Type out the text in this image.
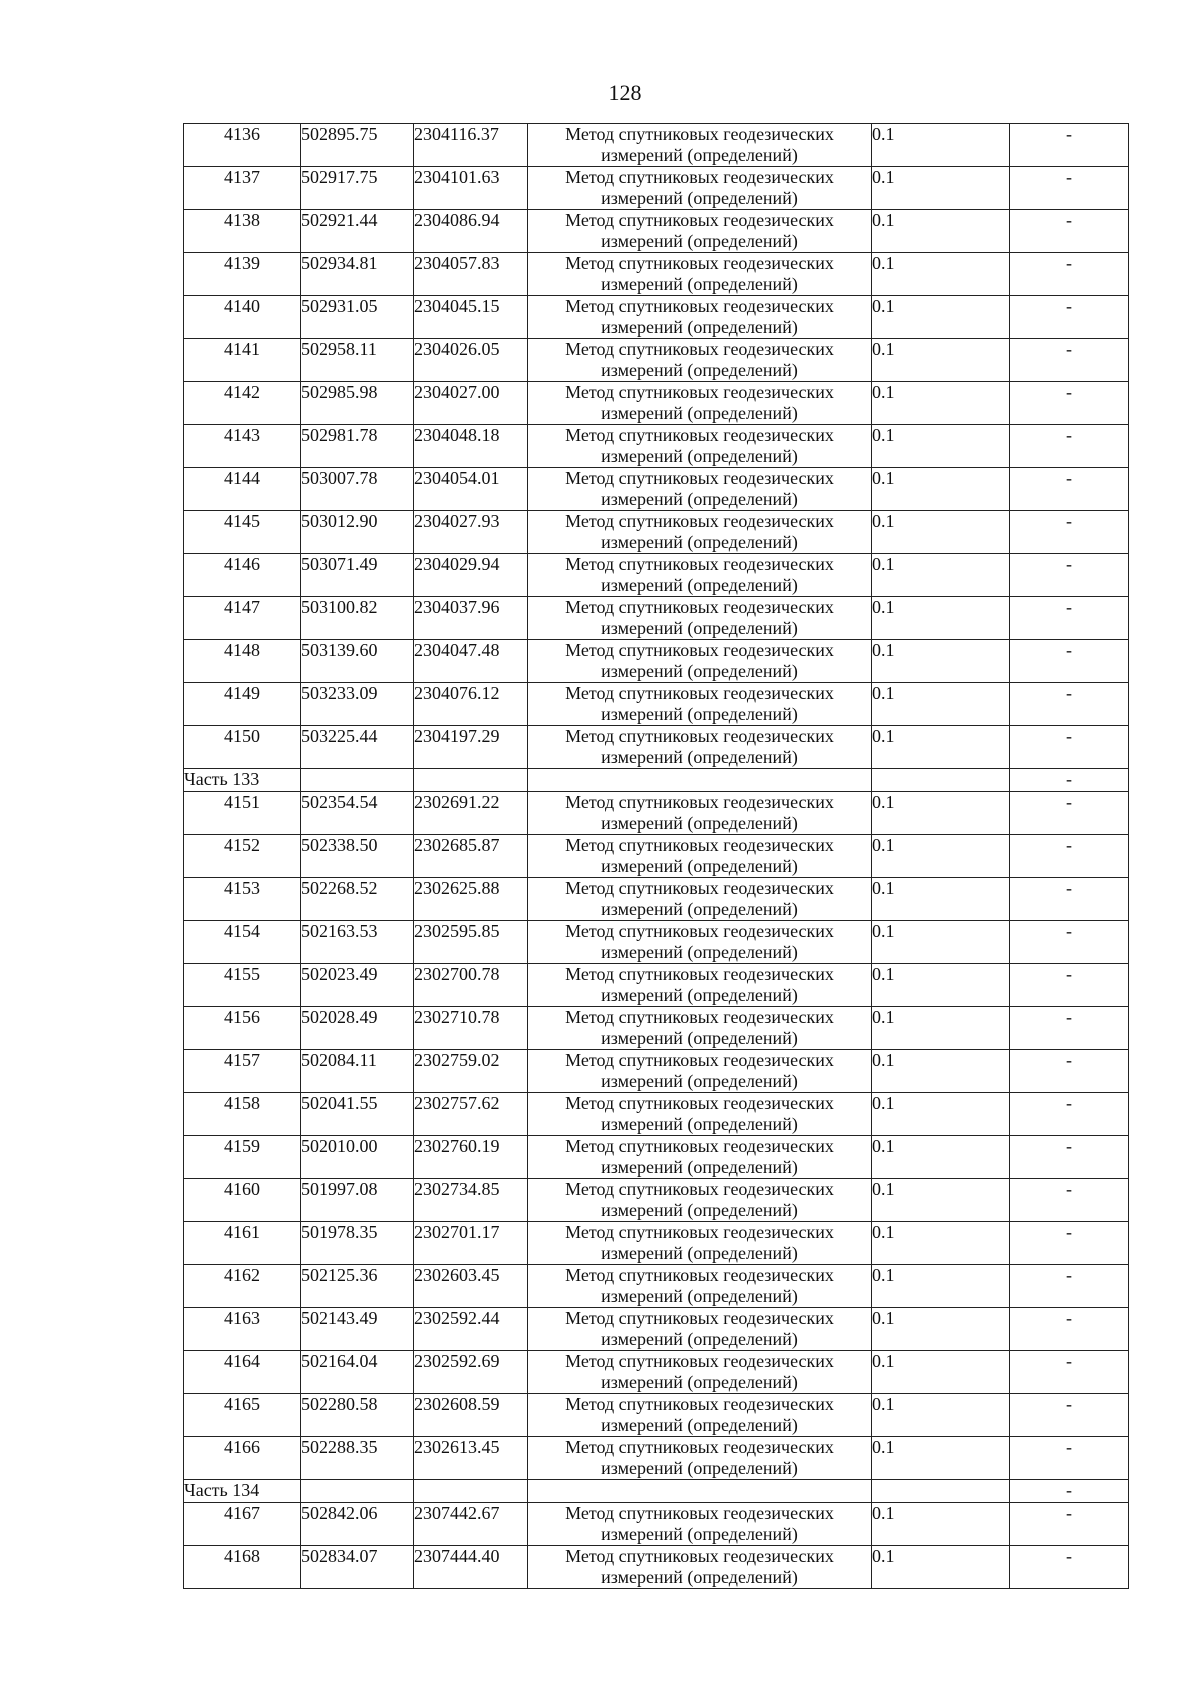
128
4136	502895.75	2304116.37	Метод спутниковых геодезических измерений (определений)	0.1	-
4137	502917.75	2304101.63	Метод спутниковых геодезических измерений (определений)	0.1	-
4138	502921.44	2304086.94	Метод спутниковых геодезических измерений (определений)	0.1	-
4139	502934.81	2304057.83	Метод спутниковых геодезических измерений (определений)	0.1	-
4140	502931.05	2304045.15	Метод спутниковых геодезических измерений (определений)	0.1	-
4141	502958.11	2304026.05	Метод спутниковых геодезических измерений (определений)	0.1	-
4142	502985.98	2304027.00	Метод спутниковых геодезических измерений (определений)	0.1	-
4143	502981.78	2304048.18	Метод спутниковых геодезических измерений (определений)	0.1	-
4144	503007.78	2304054.01	Метод спутниковых геодезических измерений (определений)	0.1	-
4145	503012.90	2304027.93	Метод спутниковых геодезических измерений (определений)	0.1	-
4146	503071.49	2304029.94	Метод спутниковых геодезических измерений (определений)	0.1	-
4147	503100.82	2304037.96	Метод спутниковых геодезических измерений (определений)	0.1	-
4148	503139.60	2304047.48	Метод спутниковых геодезических измерений (определений)	0.1	-
4149	503233.09	2304076.12	Метод спутниковых геодезических измерений (определений)	0.1	-
4150	503225.44	2304197.29	Метод спутниковых геодезических измерений (определений)	0.1	-
Часть 133					-
4151	502354.54	2302691.22	Метод спутниковых геодезических измерений (определений)	0.1	-
4152	502338.50	2302685.87	Метод спутниковых геодезических измерений (определений)	0.1	-
4153	502268.52	2302625.88	Метод спутниковых геодезических измерений (определений)	0.1	-
4154	502163.53	2302595.85	Метод спутниковых геодезических измерений (определений)	0.1	-
4155	502023.49	2302700.78	Метод спутниковых геодезических измерений (определений)	0.1	-
4156	502028.49	2302710.78	Метод спутниковых геодезических измерений (определений)	0.1	-
4157	502084.11	2302759.02	Метод спутниковых геодезических измерений (определений)	0.1	-
4158	502041.55	2302757.62	Метод спутниковых геодезических измерений (определений)	0.1	-
4159	502010.00	2302760.19	Метод спутниковых геодезических измерений (определений)	0.1	-
4160	501997.08	2302734.85	Метод спутниковых геодезических измерений (определений)	0.1	-
4161	501978.35	2302701.17	Метод спутниковых геодезических измерений (определений)	0.1	-
4162	502125.36	2302603.45	Метод спутниковых геодезических измерений (определений)	0.1	-
4163	502143.49	2302592.44	Метод спутниковых геодезических измерений (определений)	0.1	-
4164	502164.04	2302592.69	Метод спутниковых геодезических измерений (определений)	0.1	-
4165	502280.58	2302608.59	Метод спутниковых геодезических измерений (определений)	0.1	-
4166	502288.35	2302613.45	Метод спутниковых геодезических измерений (определений)	0.1	-
Часть 134					-
4167	502842.06	2307442.67	Метод спутниковых геодезических измерений (определений)	0.1	-
4168	502834.07	2307444.40	Метод спутниковых геодезических измерений (определений)	0.1	-
